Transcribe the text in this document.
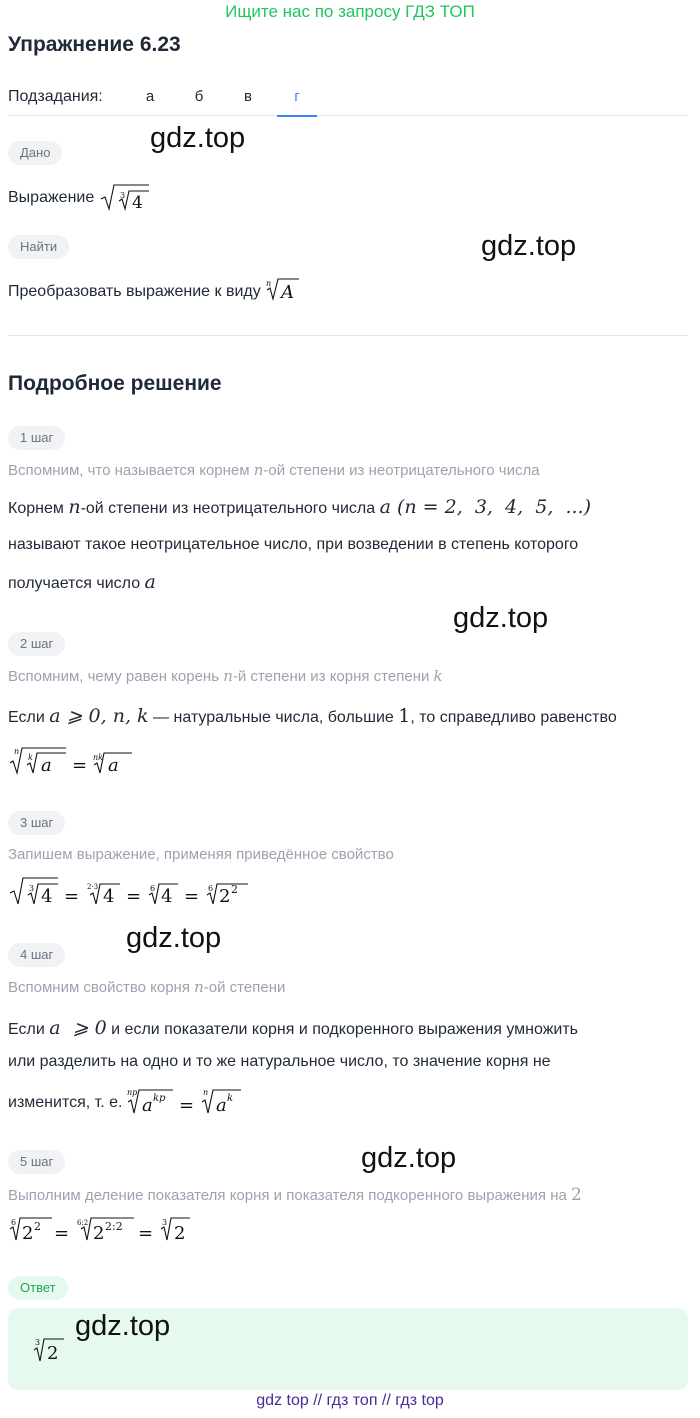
Ищите нас по запросу ГДЗ ТОП
Упражнение 6.23
Подзадания:	а	б	в	г
Дано
Выражение	3 4
Найти
Преобразовать выражение к виду n A
Подробное решение
1 шаг
Вспомним, что называется корнем n-ой степени из неотрицательного числа
Корнем n-ой степени из неотрицательного числа a (n = 2,  3,  4,  5,  ...)
называют такое неотрицательное число, при возведении в степень которого
получается число a
2 шаг
Вспомним, чему равен корень n-й степени из корня степени k
Если a ⩾ 0, n, k — натуральные числа, большие 1, то справедливо равенство
n
k a = nk a
3 шаг
Запишем выражение, применяя приведённое свойство
3 4 = 2·3 4 = 6 4 = 6 2 2
4 шаг
Вспомним свойство корня n-ой степени
Если a  ⩾ 0 и если показатели корня и подкоренного выражения умножить
или разделить на одно и то же натуральное число, то значение корня не
изменится, т. е.
np
a kp =
n
a k
5 шаг
Выполним деление показателя корня и показателя подкоренного выражения на 2
6
2 2 = 6:2 2 2:2 =
3
2
Ответ
3
2
gdz.top
gdz.top
gdz.top
gdz.top
gdz.top
gdz.top
gdz top // гдз топ // гдз top
